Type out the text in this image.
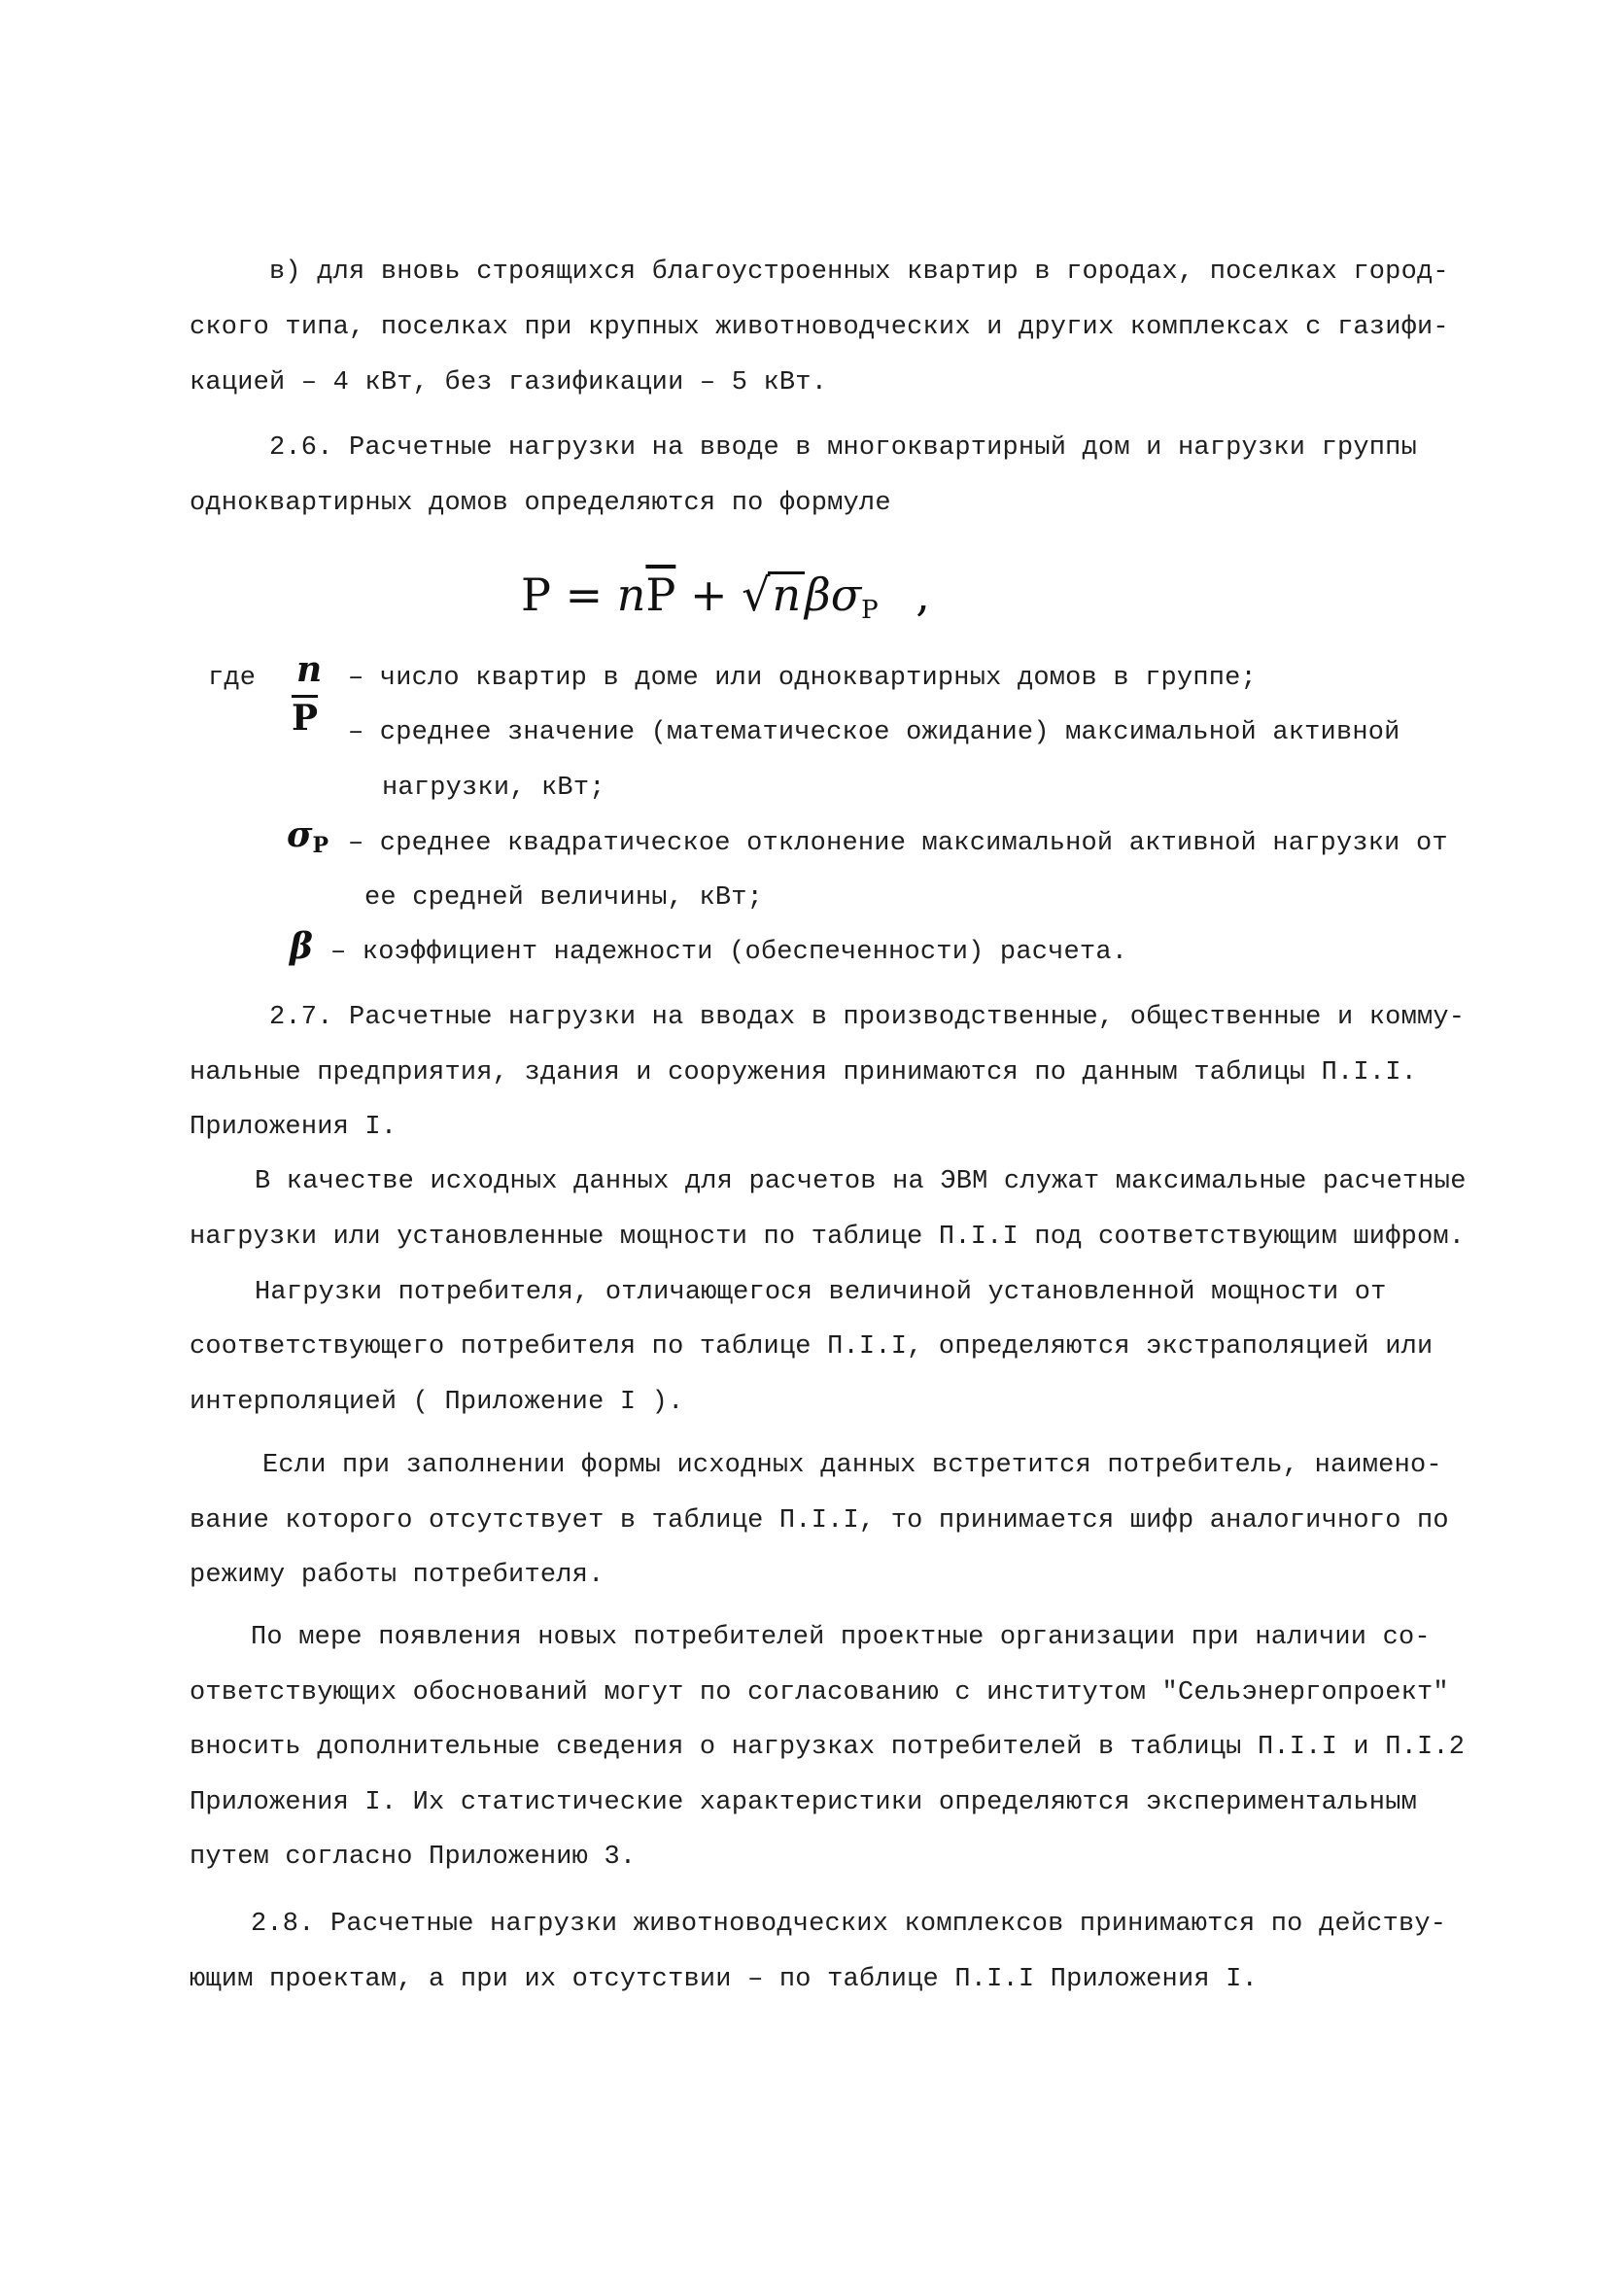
в) для вновь строящихся благоустроенных квартир в городах, поселках город-
ского типа, поселках при крупных животноводческих и других комплексах с газифи-
кацией – 4 кВт, без газификации – 5 кВт.
2.6. Расчетные нагрузки на вводе в многоквартирный дом и нагрузки группы
одноквартирных домов определяются по формуле
$P = n\overline{P} + √n\beta\sigma_P$ ,
где n – число квартир в доме или одноквартирных домов в группе;
$\overline{P}$ – среднее значение (математическое ожидание) максимальной активной
нагрузки, кВт;
$\sigma_P$ – среднее квадратическое отклонение максимальной активной нагрузки от
ее средней величины, кВт;
β – коэффициент надежности (обеспеченности) расчета.
2.7. Расчетные нагрузки на вводах в производственные, общественные и комму-
нальные предприятия, здания и сооружения принимаются по данным таблицы П.I.I.
Приложения I.
В качестве исходных данных для расчетов на ЭВМ служат максимальные расчетные
нагрузки или установленные мощности по таблице П.I.I под соответствующим шифром.
Нагрузки потребителя, отличающегося величиной установленной мощности от
соответствующего потребителя по таблице П.I.I, определяются экстраполяцией или
интерполяцией ( Приложение I ).
Если при заполнении формы исходных данных встретится потребитель, наимено-
вание которого отсутствует в таблице П.I.I, то принимается шифр аналогичного по
режиму работы потребителя.
По мере появления новых потребителей проектные организации при наличии со-
ответствующих обоснований могут по согласованию с институтом "Сельэнергопроект"
вносить дополнительные сведения о нагрузках потребителей в таблицы П.I.I и П.I.2
Приложения I. Их статистические характеристики определяются экспериментальным
путем согласно Приложению 3.
2.8. Расчетные нагрузки животноводческих комплексов принимаются по действу-
ющим проектам, а при их отсутствии – по таблице П.I.I Приложения I.
